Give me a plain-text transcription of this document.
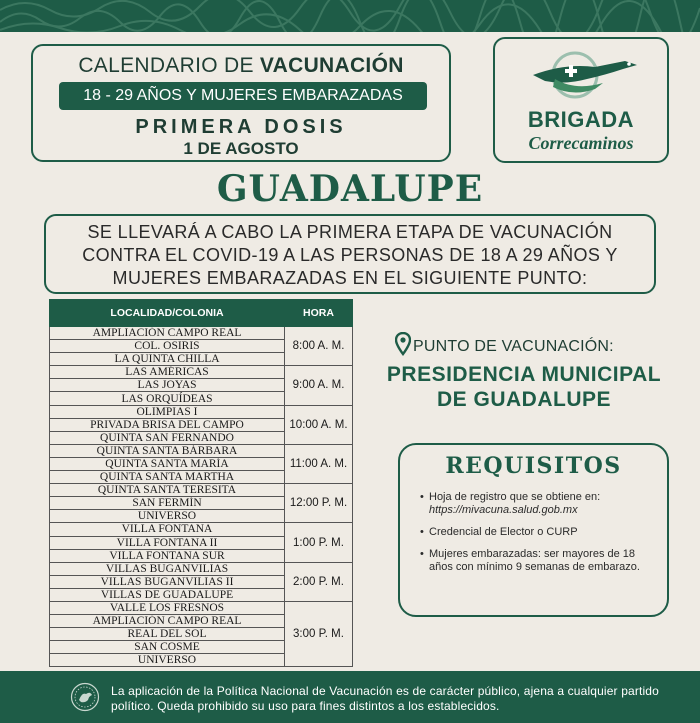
CALENDARIO DE VACUNACIÓN
18 - 29 AÑOS Y MUJERES EMBARAZADAS
PRIMERA DOSIS
1 DE AGOSTO
BRIGADA
Correcaminos
GUADALUPE
SE LLEVARÁ A CABO LA PRIMERA ETAPA DE VACUNACIÓN
CONTRA EL COVID-19 A LAS PERSONAS DE 18 A 29 AÑOS Y
MUJERES EMBARAZADAS EN EL SIGUIENTE PUNTO:
LOCALIDAD/COLONIA	HORA
AMPLIACIÓN CAMPO REAL	8:00 A. M.
COL. OSIRIS	
LA QUINTA CHILLA	
LAS AMÉRICAS	9:00 A. M.
LAS JOYAS	
LAS ORQUÍDEAS	
OLIMPIAS I	10:00 A. M.
PRIVADA BRISA DEL CAMPO	
QUINTA SAN FERNANDO	
QUINTA SANTA BÁRBARA	11:00 A. M.
QUINTA SANTA MARÍA	
QUINTA SANTA MARTHA	
QUINTA SANTA TERESITA	12:00 P. M.
SAN FERMÍN	
UNIVERSO	
VILLA FONTANA	1:00 P. M.
VILLA FONTANA II	
VILLA FONTANA SUR	
VILLAS BUGANVILIAS	2:00 P. M.
VILLAS BUGANVILIAS II	
VILLAS DE GUADALUPE	
VALLE LOS FRESNOS	3:00 P. M.
AMPLIACIÓN CAMPO REAL	
REAL DEL SOL	
SAN COSME	
UNIVERSO	
PUNTO DE VACUNACIÓN:
PRESIDENCIA MUNICIPAL
DE GUADALUPE
REQUISITOS
• Hoja de registro que se obtiene en: https://mivacuna.salud.gob.mx
• Credencial de Elector o CURP
• Mujeres embarazadas: ser mayores de 18 años con mínimo 9 semanas de embarazo.
La aplicación de la Política Nacional de Vacunación es de carácter público, ajena a cualquier partido político. Queda prohibido su uso para fines distintos a los establecidos.
